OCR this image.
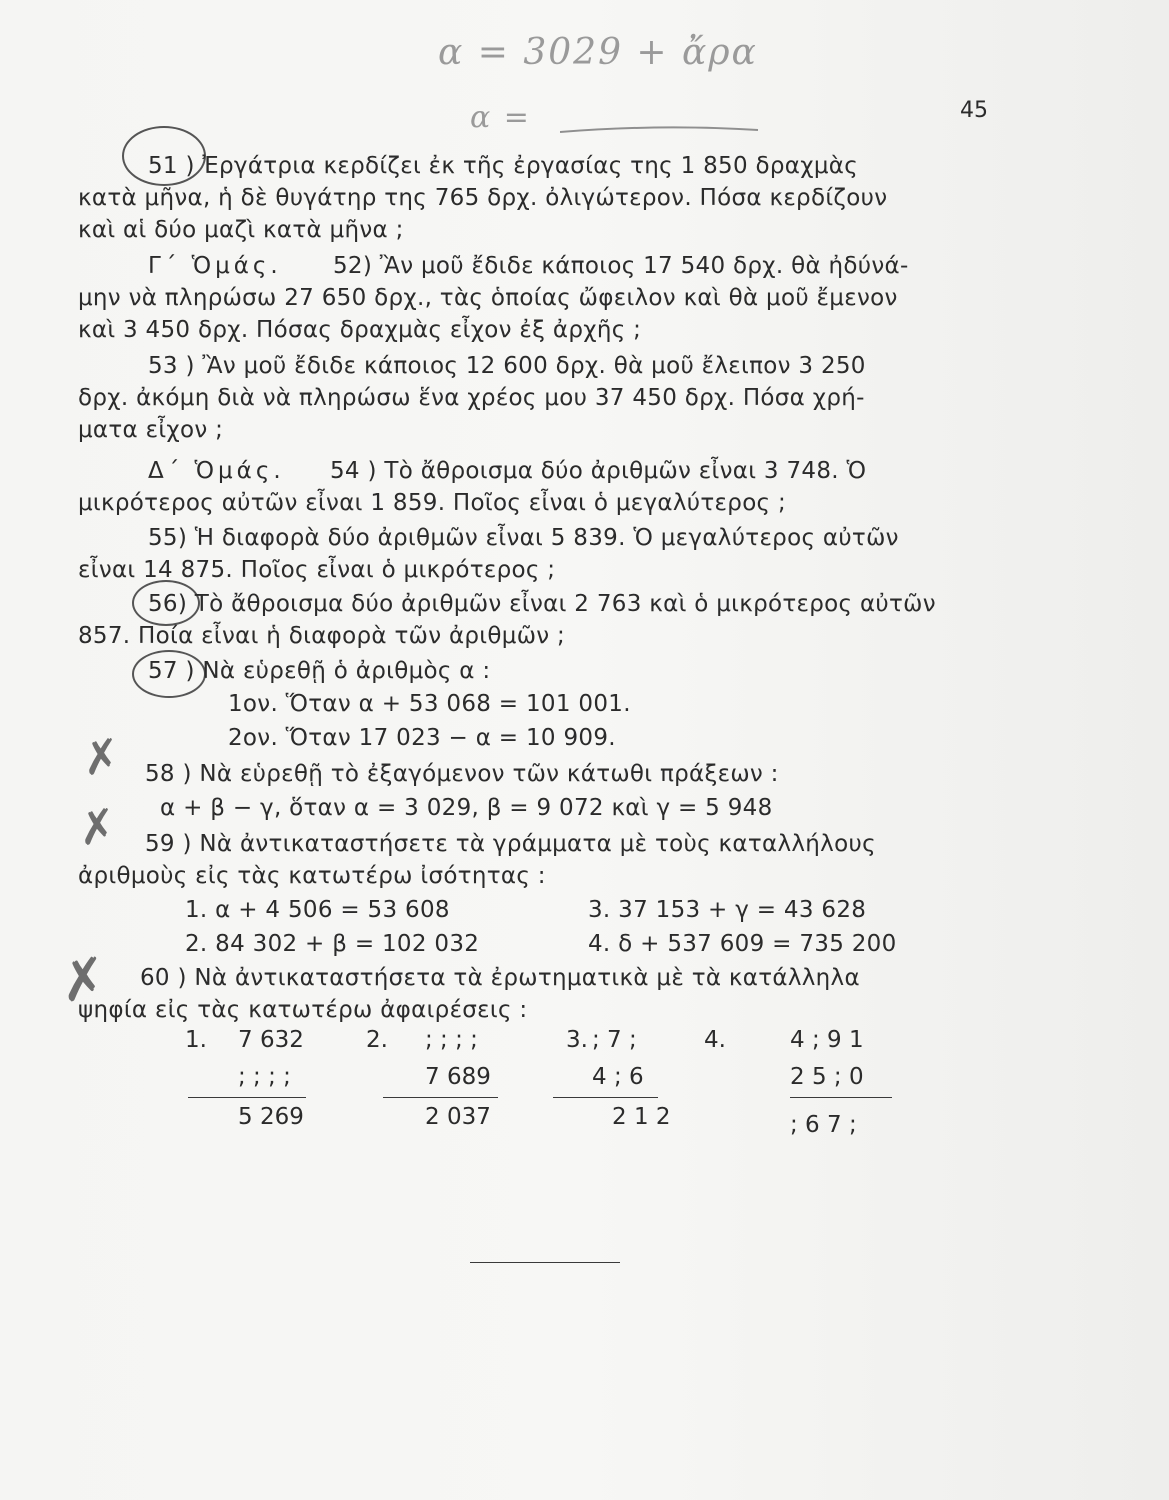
α = 3029 + ἄρα
α =	45
✗
✗
✗
51 ) Ἐργάτρια κερδίζει ἐκ τῆς ἐργασίας της 1 850 δραχμὰς
κατὰ μῆνα, ἡ δὲ θυγάτηρ της 765 δρχ. ὀλιγώτερον. Πόσα κερδίζουν
καὶ αἱ δύο μαζὶ κατὰ μῆνα ;
Γ΄ Ὁμάς.	52) Ἂν μοῦ ἔδιδε κάποιος 17 540 δρχ. θὰ ἠδύνά-
μην νὰ πληρώσω 27 650 δρχ., τὰς ὁποίας ὤφειλον καὶ θὰ μοῦ ἔμενον
καὶ 3 450 δρχ. Πόσας δραχμὰς εἶχον ἐξ ἀρχῆς ;
53 ) Ἂν μοῦ ἔδιδε κάποιος 12 600 δρχ. θὰ μοῦ ἔλειπον 3 250
δρχ. ἀκόμη διὰ νὰ πληρώσω ἕνα χρέος μου 37 450 δρχ. Πόσα χρή-
ματα εἶχον ;
Δ΄ Ὁμάς.	54 ) Τὸ ἄθροισμα δύο ἀριθμῶν εἶναι 3 748. Ὁ
μικρότερος αὐτῶν εἶναι 1 859. Ποῖος εἶναι ὁ μεγαλύτερος ;
55) Ἡ διαφορὰ δύο ἀριθμῶν εἶναι 5 839. Ὁ μεγαλύτερος αὐτῶν
εἶναι 14 875. Ποῖος εἶναι ὁ μικρότερος ;
56) Τὸ ἄθροισμα δύο ἀριθμῶν εἶναι 2 763 καὶ ὁ μικρότερος αὐτῶν
857. Ποία εἶναι ἡ διαφορὰ τῶν ἀριθμῶν ;
57 ) Νὰ εὑρεθῇ ὁ ἀριθμὸς α :
1ον. Ὅταν α + 53 068 = 101 001.
2ον. Ὅταν 17 023 − α = 10 909.
58 ) Νὰ εὑρεθῇ τὸ ἐξαγόμενον τῶν κάτωθι πράξεων :
α + β − γ, ὅταν α = 3 029, β = 9 072 καὶ γ = 5 948
59 ) Νὰ ἀντικαταστήσετε τὰ γράμματα μὲ τοὺς καταλλήλους
ἀριθμοὺς εἰς τὰς κατωτέρω ἰσότητας :
1. α + 4 506 = 53 608	3. 37 153 + γ = 43 628
2. 84 302 + β = 102 032	4. δ + 537 609 = 735 200
60 ) Νὰ ἀντικαταστήσετα τὰ ἐρωτηματικὰ μὲ τὰ κατάλληλα
ψηφία εἰς τὰς κατωτέρω ἀφαιρέσεις :
1. 7 632
; ; ; ;
5 269
2. ; ; ; ;
7 689
2 037
3. ; 7 ;
4 ; 6
2 1 2
4.	4 ; 9 1
2 5 ; 0
; 6 7 ;
